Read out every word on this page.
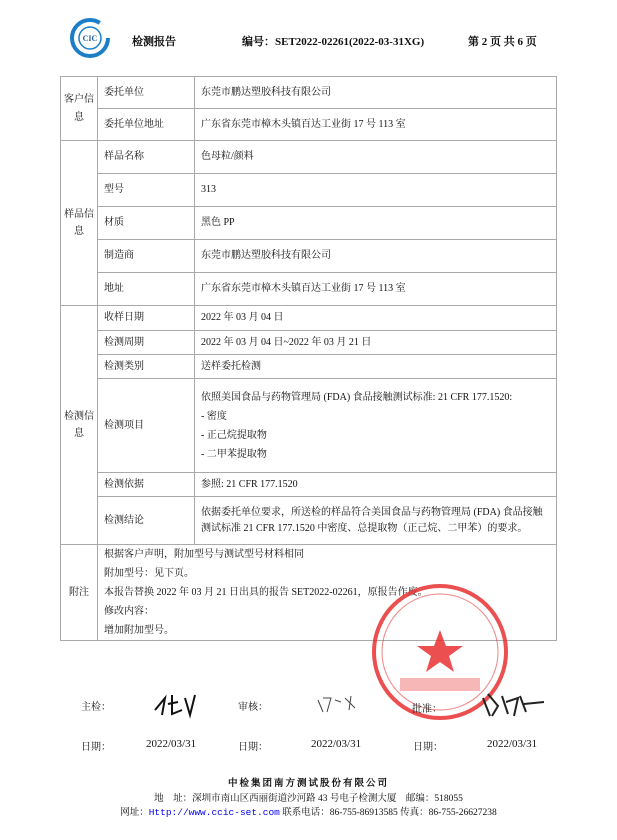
CIC	检测报告	编号：SET2022-02261(2022-03-31XG)	第 2 页 共 6 页
客户信息	委托单位	东莞市鹏达塑胶科技有限公司
	委托单位地址	广东省东莞市樟木头镇百达工业街 17 号 113 室
样品信息	样品名称	色母粒/颜料
	型号	313
	材质	黑色 PP
	制造商	东莞市鹏达塑胶科技有限公司
	地址	广东省东莞市樟木头镇百达工业街 17 号 113 室
检测信息	收样日期	2022 年 03 月 04 日
	检测周期	2022 年 03 月 04 日~2022 年 03 月 21 日
	检测类别	送样委托检测
	检测项目	依照美国食品与药物管理局 (FDA) 食品接触测试标准: 21 CFR 177.1520:
- 密度
- 正己烷提取物
- 二甲苯提取物

	检测依据	参照: 21 CFR 177.1520
	检测结论	依据委托单位要求，所送检的样品符合美国食品与药物管理局 (FDA) 食品接触测试标准 21 CFR 177.1520 中密度、总提取物（正己烷、二甲苯）的要求。
附注	根据客户声明，附加型号与测试型号材料相同
附加型号：见下页。
本报告替换 2022 年 03 月 21 日出具的报告 SET2022-02261，原报告作废。
修改内容：
增加附加型号。	
主检：	审核：	批准：
日期：	2022/03/31	日期：	2022/03/31	日期：	2022/03/31
中检集团南方测试股份有限公司
地　址：深圳市南山区西丽街道沙河路 43 号电子检测大厦　邮编：518055
网址：Http://www.ccic-set.com 联系电话：86-755-86913585 传真：86-755-26627238
